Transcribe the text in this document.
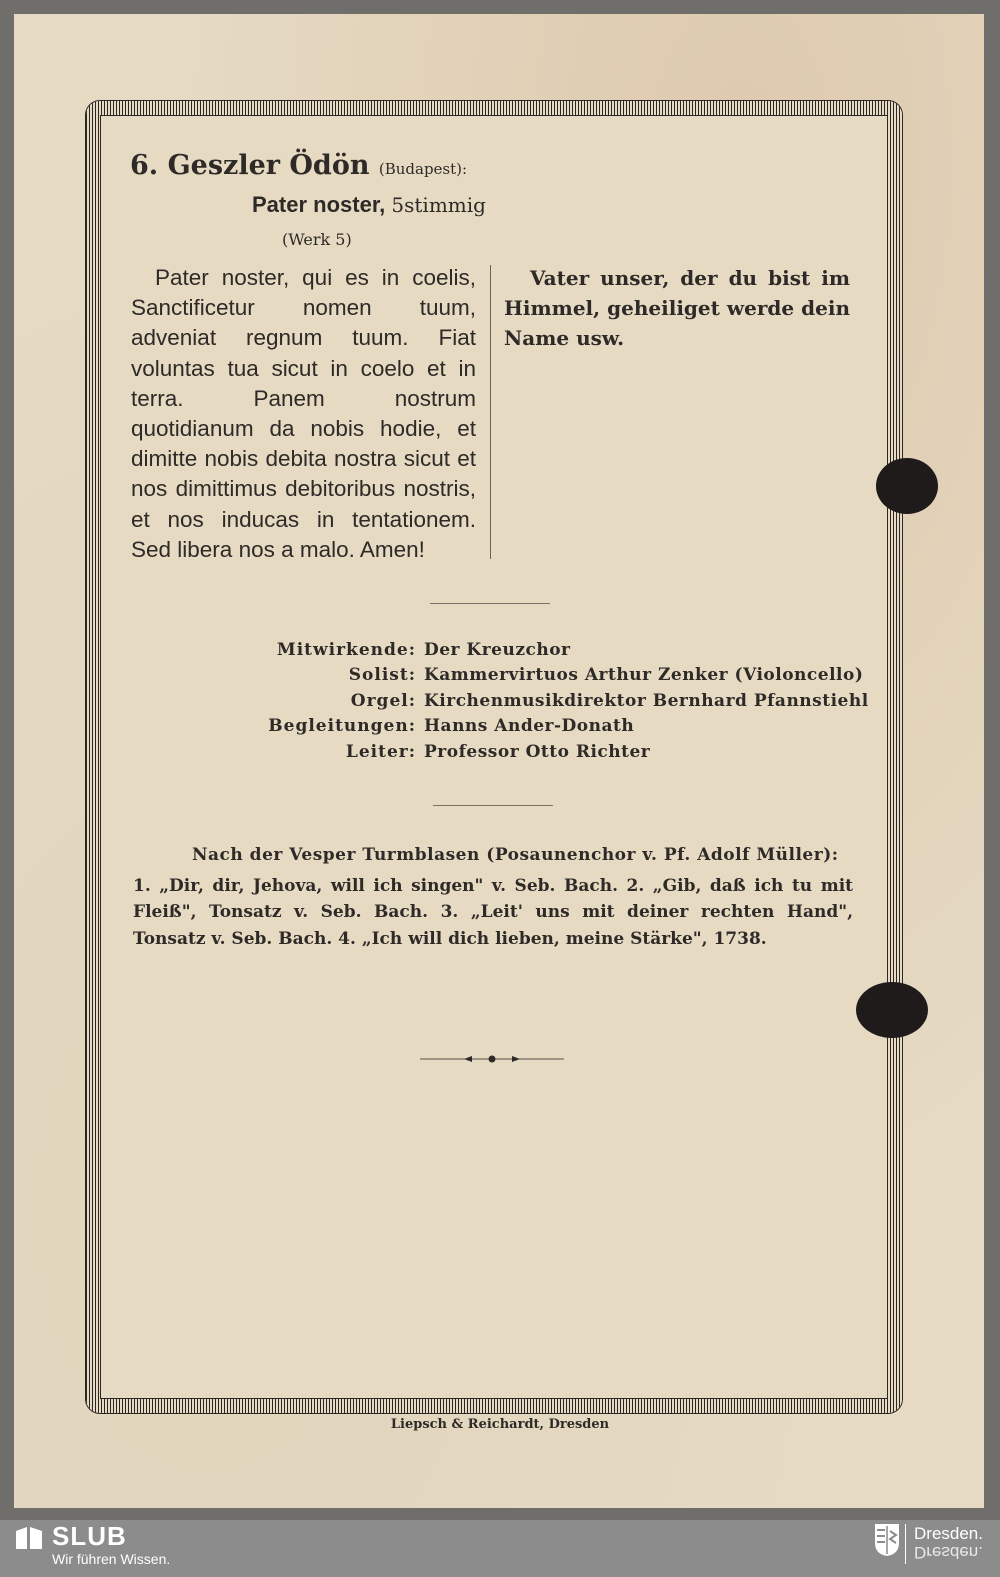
6. Geszler Ödön (Budapest):
Pater noster, 5stimmig
(Werk 5)

Pater noster, qui es in coelis, Sanctificetur nomen tuum, adveniat regnum tuum. Fiat voluntas tua sicut in coelo et in terra. Panem nostrum quotidianum da nobis hodie, et dimitte nobis debita nostra sicut et nos dimittimus debitoribus nostris, et nos inducas in tentationem. Sed libera nos a malo. Amen!

Vater unser, der du bist im Himmel, geheiliget werde dein Name usw.

Mitwirkende: Der Kreuzchor
Solist: Kammervirtuos Arthur Zenker (Violoncello)
Orgel: Kirchenmusikdirektor Bernhard Pfannstiehl
Begleitungen: Hanns Ander-Donath
Leiter: Professor Otto Richter
Nach der Vesper Turmblasen (Posaunenchor v. Pf. Adolf Müller):

1. „Dir, dir, Jehova, will ich singen" v. Seb. Bach. 2. „Gib, daß ich tu mit Fleiß", Tonsatz v. Seb. Bach. 3. „Leit' uns mit deiner rechten Hand", Tonsatz v. Seb. Bach. 4. „Ich will dich lieben, meine Stärke", 1738.

Liepsch & Reichardt, Dresden
SLUB
Wir führen Wissen.
Dresden.
Dresden.
